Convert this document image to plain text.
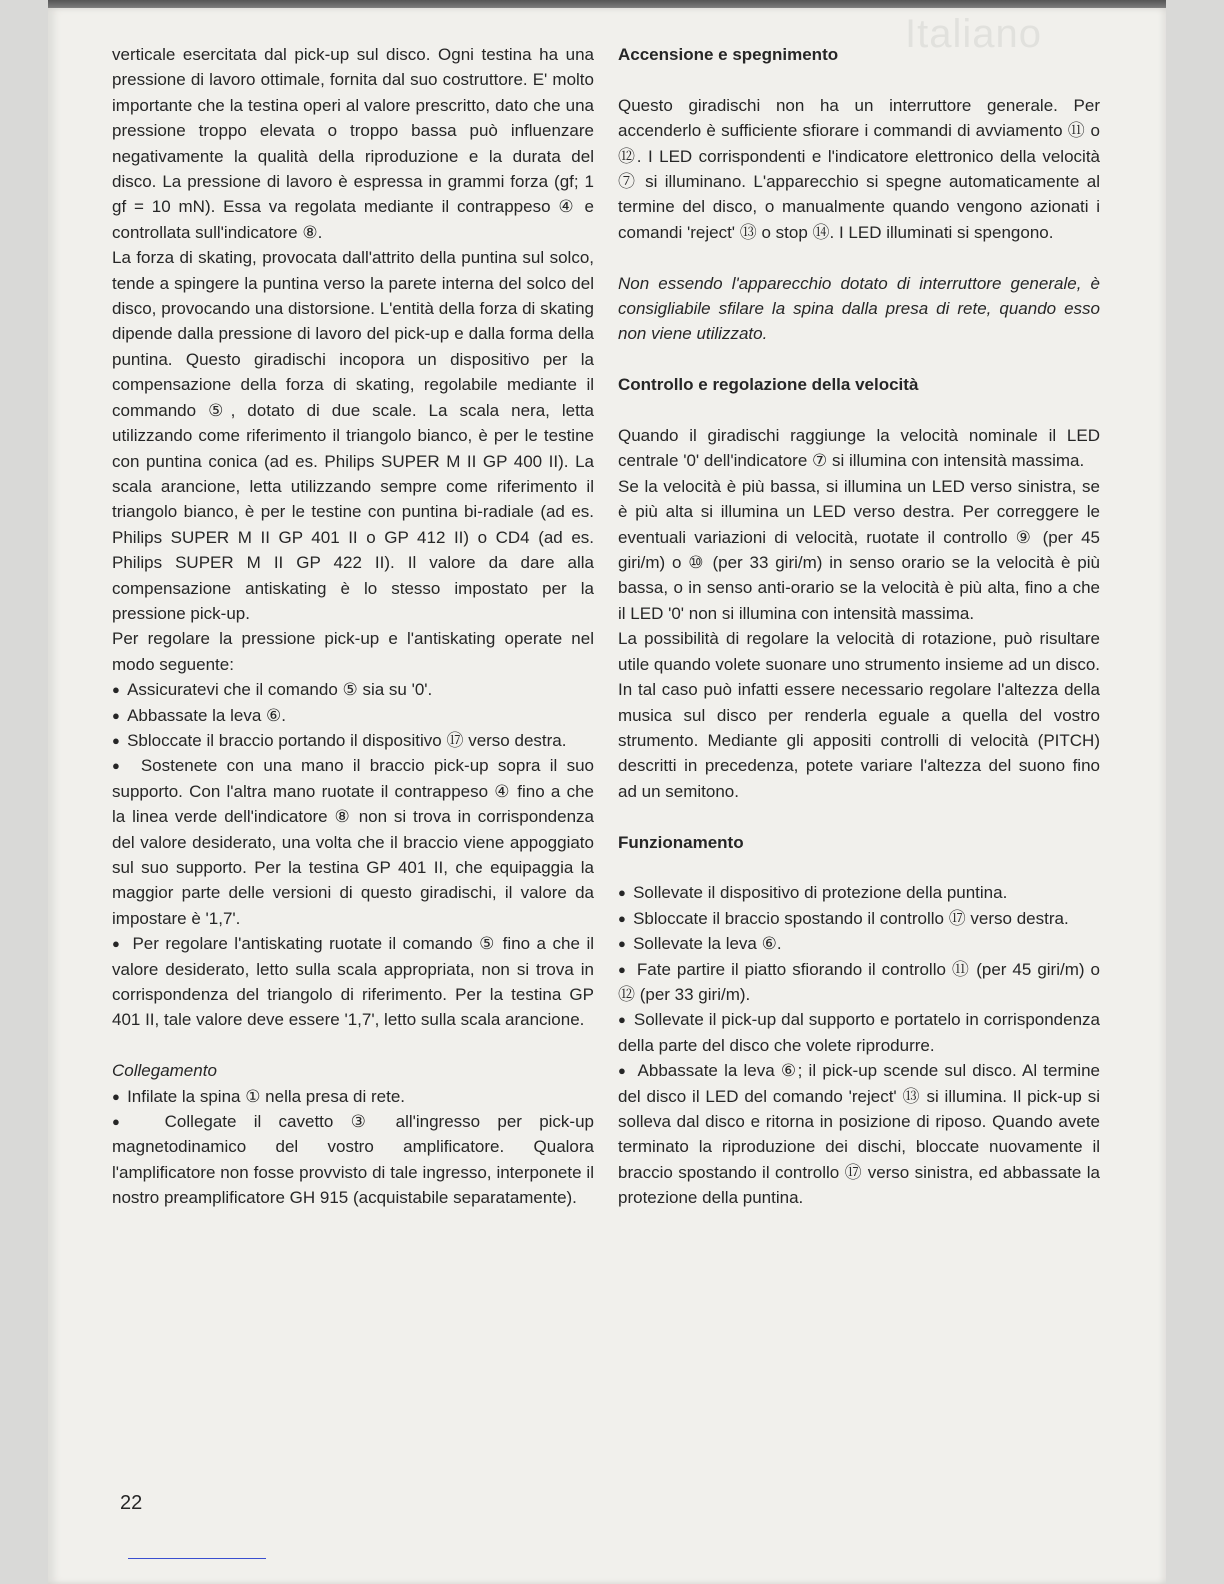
Italiano

verticale esercitata dal pick-up sul disco. Ogni testina ha una pressione di lavoro ottimale, fornita dal suo costruttore. E' molto importante che la testina operi al valore prescritto, dato che una pressione troppo elevata o troppo bassa può influenzare negativamente la qualità della riproduzione e la durata del disco. La pressione di lavoro è espressa in grammi forza (gf; 1 gf = 10 mN). Essa va regolata mediante il contrappeso ④ e controllata sull'indicatore ⑧.

La forza di skating, provocata dall'attrito della puntina sul solco, tende a spingere la puntina verso la parete interna del solco del disco, provocando una distorsione. L'entità della forza di skating dipende dalla pressione di lavoro del pick-up e dalla forma della puntina. Questo giradischi incopora un dispositivo per la compensazione della forza di skating, regolabile mediante il commando ⑤, dotato di due scale. La scala nera, letta utilizzando come riferimento il triangolo bianco, è per le testine con puntina conica (ad es. Philips SUPER M II GP 400 II). La scala arancione, letta utilizzando sempre come riferimento il triangolo bianco, è per le testine con puntina bi-radiale (ad es. Philips SUPER M II GP 401 II o GP 412 II) o CD4 (ad es. Philips SUPER M II GP 422 II). Il valore da dare alla compensazione antiskating è lo stesso impostato per la pressione pick-up.

Per regolare la pressione pick-up e l'antiskating operate nel modo seguente:

●  Assicuratevi che il comando ⑤ sia su '0'.

●  Abbassate la leva ⑥.

●  Sbloccate il braccio portando il dispositivo ⑰ verso destra.

●  Sostenete con una mano il braccio pick-up sopra il suo supporto. Con l'altra mano ruotate il contrappeso ④ fino a che la linea verde dell'indicatore ⑧ non si trova in corrispondenza del valore desiderato, una volta che il braccio viene appoggiato sul suo supporto. Per la testina GP 401 II, che equipaggia la maggior parte delle versioni di questo giradischi, il valore da impostare è '1,7'.

●  Per regolare l'antiskating ruotate il comando ⑤ fino a che il valore desiderato, letto sulla scala appropriata, non si trova in corrispondenza del triangolo di riferimento. Per la testina GP 401 II, tale valore deve essere '1,7', letto sulla scala arancione.

Collegamento

●  Infilate la spina ① nella presa di rete.

●  Collegate il cavetto ③ all'ingresso per pick-up magnetodinamico del vostro amplificatore. Qualora l'amplificatore non fosse provvisto di tale ingresso, interponete il nostro preamplificatore GH 915 (acquistabile separatamente).

Accensione e spegnimento

Questo giradischi non ha un interruttore generale. Per accenderlo è sufficiente sfiorare i commandi di avviamento ⑪ o ⑫. I LED corrispondenti e l'indicatore elettronico della velocità ⑦ si illuminano. L'apparecchio si spegne automaticamente al termine del disco, o manualmente quando vengono azionati i comandi 'reject' ⑬ o stop ⑭. I LED illuminati si spengono.

Non essendo l'apparecchio dotato di interruttore generale, è consigliabile sfilare la spina dalla presa di rete, quando esso non viene utilizzato.

Controllo e regolazione della velocità

Quando il giradischi raggiunge la velocità nominale il LED centrale '0' dell'indicatore ⑦ si illumina con intensità massima.

Se la velocità è più bassa, si illumina un LED verso sinistra, se è più alta si illumina un LED verso destra. Per correggere le eventuali variazioni di velocità, ruotate il controllo ⑨ (per 45 giri/m) o ⑩ (per 33 giri/m) in senso orario se la velocità è più bassa, o in senso anti-orario se la velocità è più alta, fino a che il LED '0' non si illumina con intensità massima.

La possibilità di regolare la velocità di rotazione, può risultare utile quando volete suonare uno strumento insieme ad un disco. In tal caso può infatti essere necessario regolare l'altezza della musica sul disco per renderla eguale a quella del vostro strumento. Mediante gli appositi controlli di velocità (PITCH) descritti in precedenza, potete variare l'altezza del suono fino ad un semitono.

Funzionamento

●  Sollevate il dispositivo di protezione della puntina.

●  Sbloccate il braccio spostando il controllo ⑰ verso destra.

●  Sollevate la leva ⑥.

●  Fate partire il piatto sfiorando il controllo ⑪ (per 45 giri/m) o ⑫ (per 33 giri/m).

●  Sollevate il pick-up dal supporto e portatelo in corrispondenza della parte del disco che volete riprodurre.

●  Abbassate la leva ⑥; il pick-up scende sul disco. Al termine del disco il LED del comando 'reject' ⑬ si illumina. Il pick-up si solleva dal disco e ritorna in posizione di riposo. Quando avete terminato la riproduzione dei dischi, bloccate nuovamente il braccio spostando il controllo ⑰ verso sinistra, ed abbassate la protezione della puntina.

22
